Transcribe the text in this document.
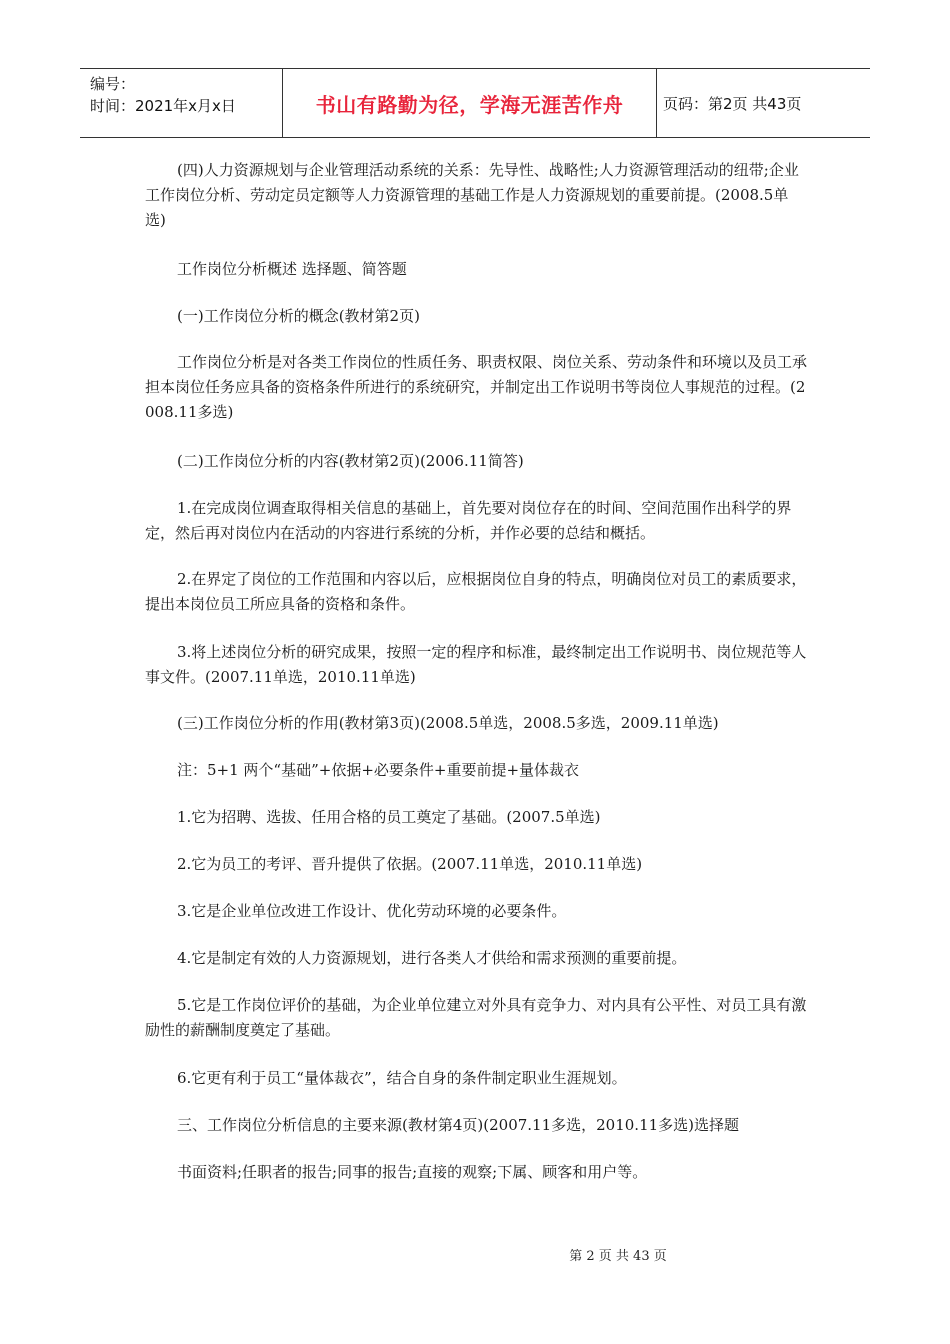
编号：
时间：2021年x月x日	书山有路勤为径，学海无涯苦作舟	页码：第2页 共43页
(四)人力资源规划与企业管理活动系统的关系：先导性、战略性;人力资源管理活动的纽带;企业工作岗位分析、劳动定员定额等人力资源管理的基础工作是人力资源规划的重要前提。(2008.5单选)
工作岗位分析概述 选择题、简答题
(一)工作岗位分析的概念(教材第2页)
工作岗位分析是对各类工作岗位的性质任务、职责权限、岗位关系、劳动条件和环境以及员工承担本岗位任务应具备的资格条件所进行的系统研究，并制定出工作说明书等岗位人事规范的过程。(2008.11多选)
(二)工作岗位分析的内容(教材第2页)(2006.11简答)
1.在完成岗位调查取得相关信息的基础上，首先要对岗位存在的时间、空间范围作出科学的界定，然后再对岗位内在活动的内容进行系统的分析，并作必要的总结和概括。
2.在界定了岗位的工作范围和内容以后，应根据岗位自身的特点，明确岗位对员工的素质要求，提出本岗位员工所应具备的资格和条件。
3.将上述岗位分析的研究成果，按照一定的程序和标准，最终制定出工作说明书、岗位规范等人事文件。(2007.11单选，2010.11单选)
(三)工作岗位分析的作用(教材第3页)(2008.5单选，2008.5多选，2009.11单选)
注：5+1 两个“基础”+依据+必要条件+重要前提+量体裁衣
1.它为招聘、选拔、任用合格的员工奠定了基础。(2007.5单选)
2.它为员工的考评、晋升提供了依据。(2007.11单选，2010.11单选)
3.它是企业单位改进工作设计、优化劳动环境的必要条件。
4.它是制定有效的人力资源规划，进行各类人才供给和需求预测的重要前提。
5.它是工作岗位评价的基础，为企业单位建立对外具有竞争力、对内具有公平性、对员工具有激励性的薪酬制度奠定了基础。
6.它更有利于员工“量体裁衣”，结合自身的条件制定职业生涯规划。
三、工作岗位分析信息的主要来源(教材第4页)(2007.11多选，2010.11多选)选择题
书面资料;任职者的报告;同事的报告;直接的观察;下属、顾客和用户等。
第 2 页 共 43 页
